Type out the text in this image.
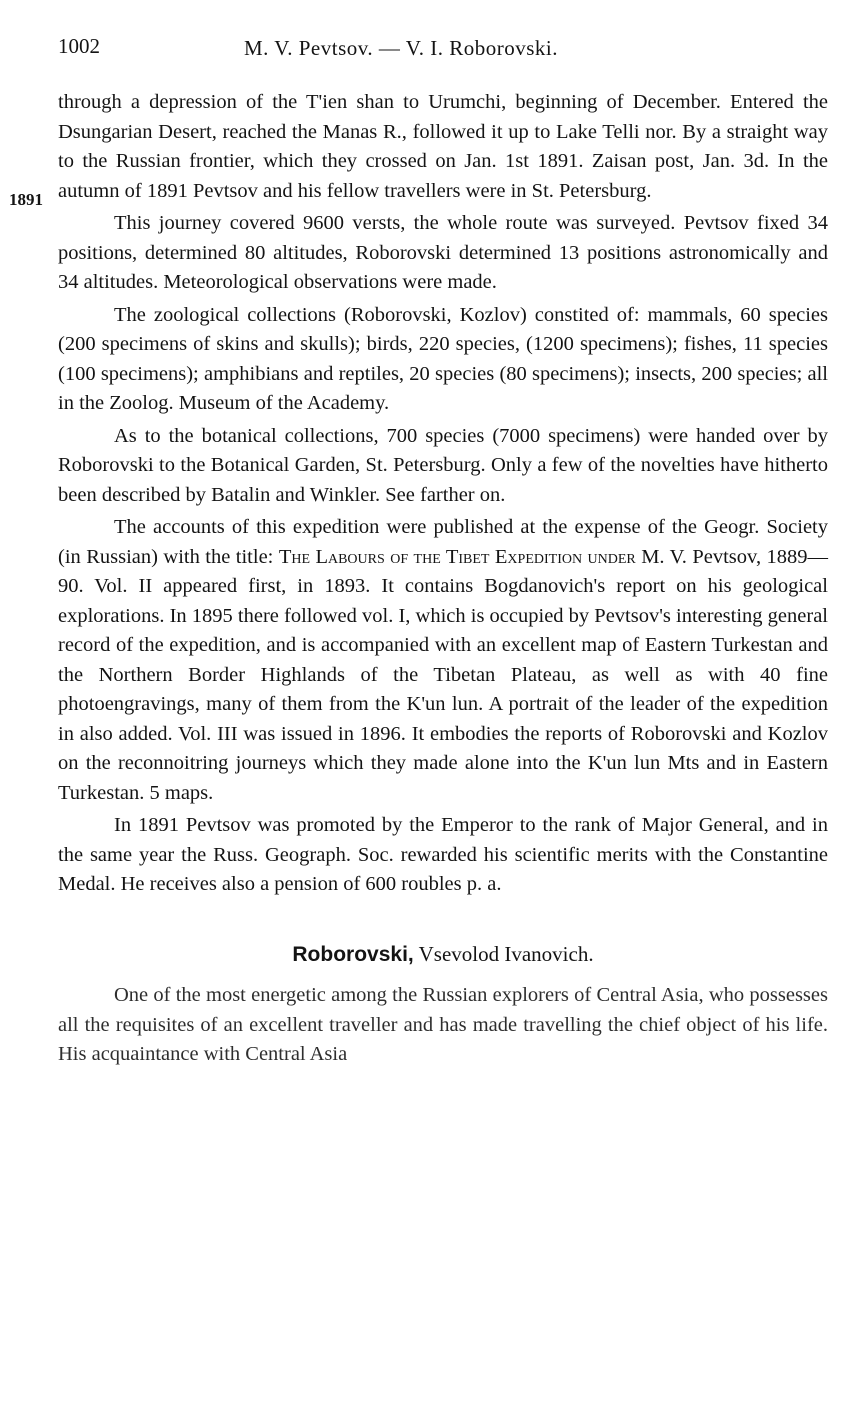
1002	M. V. Pevtsov. — V. I. Roborovski.
1891

through a depression of the T'ien shan to Urumchi, beginning of December. Entered the Dsungarian Desert, reached the Manas R., followed it up to Lake Telli nor. By a straight way to the Russian frontier, which they crossed on Jan. 1st 1891. Zaisan post, Jan. 3d. In the autumn of 1891 Pevtsov and his fellow travellers were in St. Petersburg.

This journey covered 9600 versts, the whole route was surveyed. Pevtsov fixed 34 positions, determined 80 altitudes, Roborovski determined 13 positions astronomically and 34 altitudes. Meteorological observations were made.

The zoological collections (Roborovski, Kozlov) constited of: mammals, 60 species (200 specimens of skins and skulls); birds, 220 species, (1200 specimens); fishes, 11 species (100 specimens); amphibians and reptiles, 20 species (80 specimens); insects, 200 species; all in the Zoolog. Museum of the Academy.

As to the botanical collections, 700 species (7000 specimens) were handed over by Roborovski to the Botanical Garden, St. Petersburg. Only a few of the novelties have hitherto been described by Batalin and Winkler. See farther on.

The accounts of this expedition were published at the expense of the Geogr. Society (in Russian) with the title: The Labours of the Tibet Expedition under M. V. Pevtsov, 1889—90. Vol. II appeared first, in 1893. It contains Bogdanovich's report on his geological explorations. In 1895 there followed vol. I, which is occupied by Pevtsov's interesting general record of the expedition, and is accompanied with an excellent map of Eastern Turkestan and the Northern Border Highlands of the Tibetan Plateau, as well as with 40 fine photoengravings, many of them from the K'un lun. A portrait of the leader of the expedition in also added. Vol. III was issued in 1896. It embodies the reports of Roborovski and Kozlov on the reconnoitring journeys which they made alone into the K'un lun Mts and in Eastern Turkestan. 5 maps.

In 1891 Pevtsov was promoted by the Emperor to the rank of Major General, and in the same year the Russ. Geograph. Soc. rewarded his scientific merits with the Constantine Medal. He receives also a pension of 600 roubles p. a.

Roborovski, Vsevolod Ivanovich.

One of the most energetic among the Russian explorers of Central Asia, who possesses all the requisites of an excellent traveller and has made travelling the chief object of his life. His acquaintance with Central Asia
